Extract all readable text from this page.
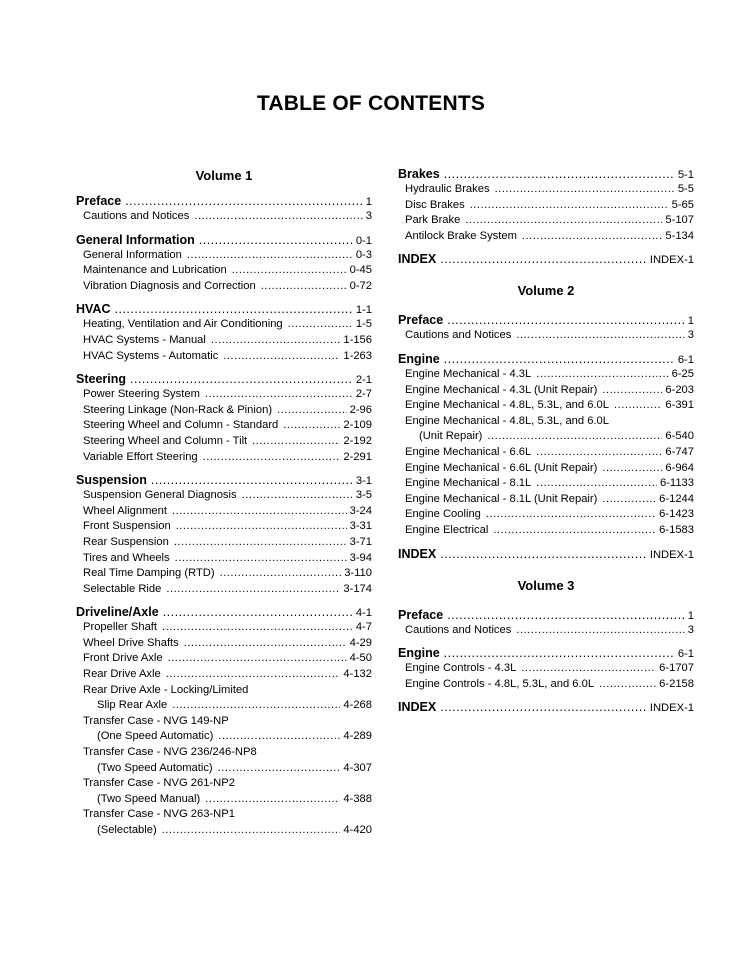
TABLE OF CONTENTS
Volume 1
Preface .....	1
Cautions and Notices .....	3
General Information .....	0-1
General Information .....	0-3
Maintenance and Lubrication .....	0-45
Vibration Diagnosis and Correction .....	0-72
HVAC .....	1-1
Heating, Ventilation and Air Conditioning .....	1-5
HVAC Systems - Manual .....	1-156
HVAC Systems - Automatic .....	1-263
Steering .....	2-1
Power Steering System .....	2-7
Steering Linkage (Non-Rack & Pinion) .....	2-96
Steering Wheel and Column - Standard .....	2-109
Steering Wheel and Column - Tilt .....	2-192
Variable Effort Steering .....	2-291
Suspension .....	3-1
Suspension General Diagnosis .....	3-5
Wheel Alignment .....	3-24
Front Suspension .....	3-31
Rear Suspension .....	3-71
Tires and Wheels .....	3-94
Real Time Damping (RTD) .....	3-110
Selectable Ride .....	3-174
Driveline/Axle .....	4-1
Propeller Shaft .....	4-7
Wheel Drive Shafts .....	4-29
Front Drive Axle .....	4-50
Rear Drive Axle .....	4-132
Rear Drive Axle - Locking/Limited
Slip Rear Axle .....	4-268
Transfer Case - NVG 149-NP
(One Speed Automatic) .....	4-289
Transfer Case - NVG 236/246-NP8
(Two Speed Automatic) .....	4-307
Transfer Case - NVG 261-NP2
(Two Speed Manual) .....	4-388
Transfer Case - NVG 263-NP1
(Selectable) .....	4-420
Brakes .....	5-1
Hydraulic Brakes .....	5-5
Disc Brakes .....	5-65
Park Brake .....	5-107
Antilock Brake System .....	5-134
INDEX .....	INDEX-1
Volume 2
Preface .....	1
Cautions and Notices .....	3
Engine .....	6-1
Engine Mechanical - 4.3L .....	6-25
Engine Mechanical - 4.3L (Unit Repair) .....	6-203
Engine Mechanical - 4.8L, 5.3L, and 6.0L .....	6-391
Engine Mechanical - 4.8L, 5.3L, and 6.0L
(Unit Repair) .....	6-540
Engine Mechanical - 6.6L .....	6-747
Engine Mechanical - 6.6L (Unit Repair) .....	6-964
Engine Mechanical - 8.1L .....	6-1133
Engine Mechanical - 8.1L (Unit Repair) .....	6-1244
Engine Cooling .....	6-1423
Engine Electrical .....	6-1583
INDEX .....	INDEX-1
Volume 3
Preface .....	1
Cautions and Notices .....	3
Engine .....	6-1
Engine Controls - 4.3L .....	6-1707
Engine Controls - 4.8L, 5.3L, and 6.0L .....	6-2158
INDEX .....	INDEX-1
